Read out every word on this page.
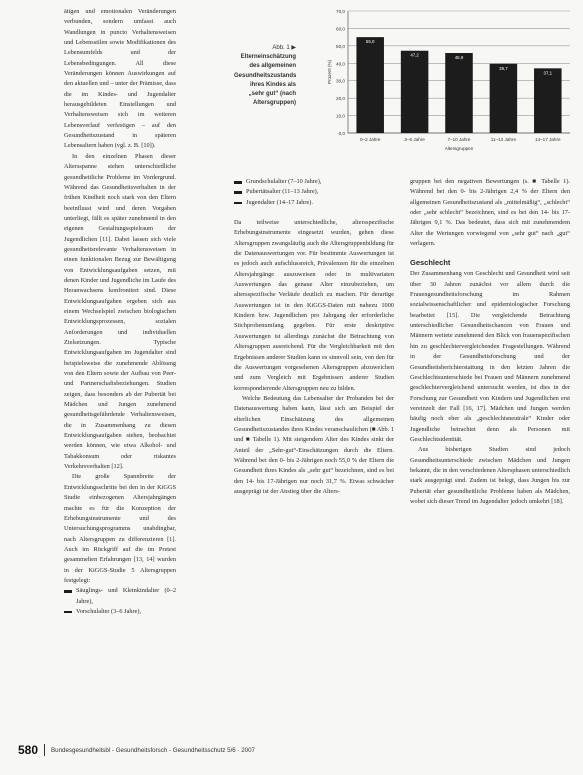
ätigen und emotionalen Veränderungen verbunden, sondern umfasst auch Wandlungen in puncto Verhaltensweisen und Lebensstilen sowie Modifikationen des Lebensumfelds und der Lebensbedingungen. All diese Veränderungen können Auswirkungen auf den aktuellen und – unter der Prämisse, dass die im Kindes- und Jugendalter herausgebildeten Einstellungen und Verhaltensweisen sich im weiteren Lebensverlauf verfestigen – auf den Gesundheitszustand in späteren Lebensaltern haben (vgl. z. B. [10]).

In den einzelnen Phasen dieser Altersspanne stehen unterschiedliche gesundheitliche Probleme im Vordergrund. Während das Gesundheitsverhalten in der frühen Kindheit noch stark von den Eltern beeinflusst wird und deren Vorgaben unterliegt, fällt es später zunehmend in den eigenen Gestaltungsspielraum der Jugendlichen [11]. Dabei lassen sich viele gesundheitsrelevante Verhaltensweisen in einen funktionalen Bezug zur Bewältigung von Entwicklungsaufgaben setzen, mit denen Kinder und Jugendliche im Laufe des Heranwachsens konfrontiert sind. Diese Entwicklungsaufgaben ergeben sich aus einem Wechselspiel zwischen biologischen Entwicklungsprozessen, sozialen Anforderungen und individuellen Zielsetzungen. Typische Entwicklungsaufgaben im Jugendalter sind beispielsweise die zunehmende Ablösung von den Eltern sowie der Aufbau von Peer- und Partnerschaftsbeziehungen. Studien zeigen, dass besonders ab der Pubertät bei Mädchen und Jungen zunehmend gesundheitsgefährdende Verhaltensweisen, die in Zusammenhang zu diesen Entwicklungsaufgaben stehen, beobachtet werden können, wie etwa Alkohol- und Tabakkonsum oder riskantes Verkehrsverhalten [12].

Die große Spannbreite der Entwicklungsschritte bei den in der KiGGS Studie einbezogenen Altersjahrgängen machte es für die Konzeption der Erhebungsinstrumente und des Untersuchungsprogramms unabdingbar, nach Altersgruppen zu differenzieren [1]. Auch im Rückgriff auf die im Pretest gesammelten Erfahrungen [13, 14] wurden in der KiGGS-Studie 5 Altersgruppen festgelegt:

Säuglings- und Kleinkindalter (0–2 Jahre),
Vorschulalter (3–6 Jahre),
Abb. 1 ▶ Elterneinschätzung des allgemeinen Gesundheitszustands ihres Kindes als „sehr gut“ (nach Altersgruppen)
0,0
10,0
20,0
30,0
40,0
50,0
60,0
70,0
Prozent (%)
55,0
0–2 Jahre
47,2
3–6 Jahre
45,9
7–10 Jahre
39,7
11–13 Jahre
37,1
14–17 Jahre
Altersgruppen
Grundschulalter (7–10 Jahre),
Pubertätsalter (11–13 Jahre),
Jugendalter (14–17 Jahre).

Da teilweise unterschiedliche, altersspezifische Erhebungsinstrumente eingesetzt wurden, gehen diese Altersgruppen zwangsläufig auch die Altersgruppenbildung für die Datenauswertungen vor. Für bestimmte Auswertungen ist es jedoch auch aufschlussreich, Prävalenzen für die einzelnen Altersjahrgänge auszuweisen oder in multivariaten Auswertungen das genaue Alter einzubeziehen, um altersspezifische Verläufe deutlich zu machen. Für derartige Auswertungen ist in den KiGGS-Daten mit nahezu 1000 Kindern bzw. Jugendlichen pro Jahrgang der erforderliche Stichprobenumfang gegeben. Für erste deskriptive Auswertungen ist allerdings zunächst die Betrachtung von Altersgruppen ausreichend. Für die Vergleichbarkeit mit den Ergebnissen anderer Studien kann es sinnvoll sein, von den für die Auswertungen vorgesehenen Altersgruppen abzuweichen und zum Vergleich mit Ergebnissen anderer Studien korrespondierende Altersgruppen neu zu bilden.

Welche Bedeutung das Lebensalter der Probanden bei der Datenauswertung haben kann, lässt sich am Beispiel der elterlichen Einschätzung des allgemeinen Gesundheitszustandes ihres Kindes veranschaulichen (■ Abb. 1 und ■ Tabelle 1). Mit steigendem Alter des Kindes sinkt der Anteil der „Sehr-gut“-Einschätzungen durch die Eltern. Während bei den 0- bis 2-Jährigen noch 55,0 % der Eltern die Gesundheit ihres Kindes als „sehr gut“ bezeichnen, sind es bei den 14- bis 17-Jährigen nur noch 31,7 %. Etwas schwächer ausgeprägt ist der Anstieg über die Alters-

gruppen bei den negativen Bewertungen (s. ■ Tabelle 1). Während bei den 0- bis 2-Jährigen 2,4 % der Eltern den allgemeinen Gesundheitszustand als „mittelmäßig“, „schlecht“ oder „sehr schlecht“ bezeichnen, sind es bei den 14- bis 17-Jährigen 9,1 %. Das bedeutet, dass sich mit zunehmendem Alter die Wertungen vorwiegend von „sehr gut“ nach „gut“ verlagern.

Geschlecht

Der Zusammenhang von Geschlecht und Gesundheit wird seit über 30 Jahren zunächst vor allem durch die Frauengesundheitsforschung im Rahmen sozialwissenschaftlicher und epidemiologischer Forschung bearbeitet [15]. Die vergleichende Betrachtung unterschiedlicher Gesundheitschancen von Frauen und Männern weitete zunehmend den Blick von frauenspezifischen hin zu geschlechtervergleichenden Fragestellungen. Während in der Gesundheitsforschung und der Gesundheitsberichterstattung in den letzten Jahren die Geschlechtsunterschiede bei Frauen und Männern zunehmend geschlechtervergleichend untersucht werden, ist dies in der Forschung zur Gesundheit von Kindern und Jugendlichen erst vereinzelt der Fall [16, 17]. Mädchen und Jungen werden häufig noch eher als „geschlechtsneutrale“ Kinder oder Jugendliche betrachtet denn als Personen mit Geschlechtsidentität.

Aus bisherigen Studien sind jedoch Gesundheitsunterschiede zwischen Mädchen und Jungen bekannt, die in den verschiedenen Altersphasen unterschiedlich stark ausgeprägt sind. Zudem ist belegt, dass Jungen bis zur Pubertät eher gesundheitliche Probleme haben als Mädchen, wobei sich dieser Trend im Jugendalter jedoch umkehrt [18].

580 Bundesgesundheitsbl - Gesundheitsforsch - Gesundheitsschutz 5/6 · 2007
